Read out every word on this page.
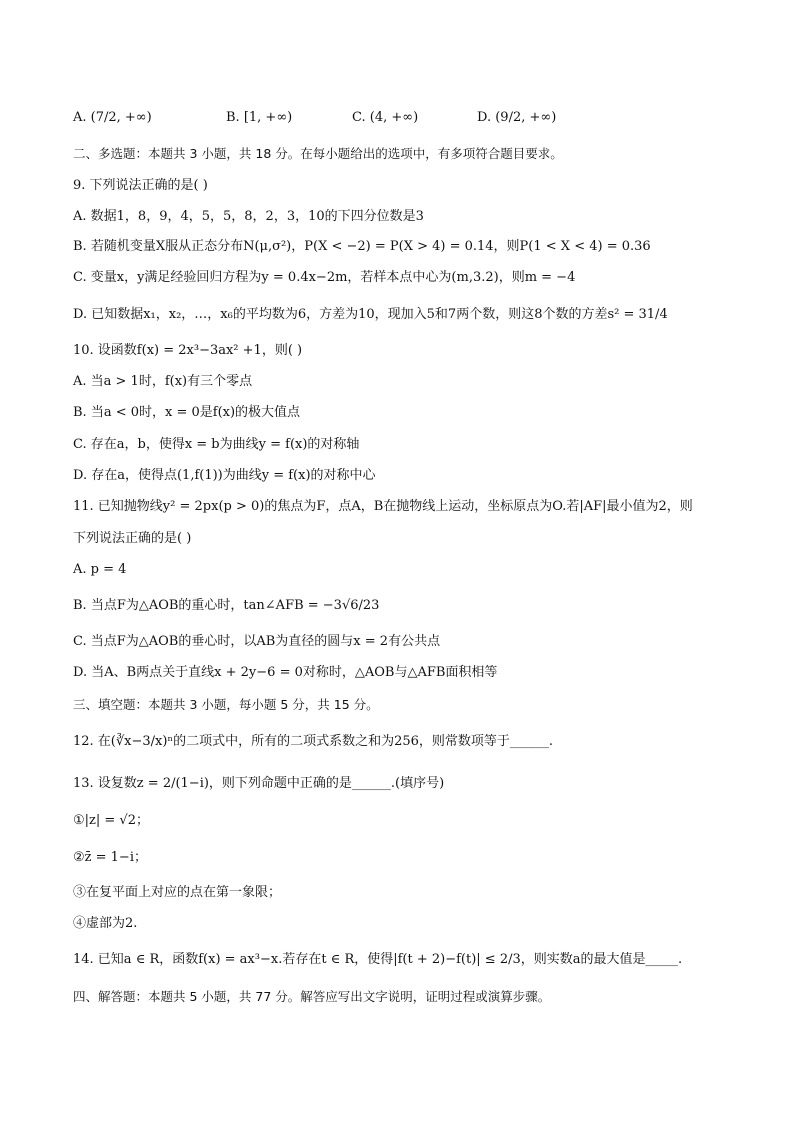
A. (7/2, +∞)	B. [1, +∞)	C. (4, +∞)	D. (9/2, +∞)
二、多选题：本题共 3 小题，共 18 分。在每小题给出的选项中，有多项符合题目要求。
9. 下列说法正确的是( )
A. 数据1，8，9，4，5，5，8，2，3，10的下四分位数是3
B. 若随机变量X服从正态分布N(μ,σ²)，P(X < −2) = P(X > 4) = 0.14，则P(1 < X < 4) = 0.36
C. 变量x，y满足经验回归方程为y = 0.4x−2m，若样本点中心为(m,3.2)，则m = −4
D. 已知数据x₁，x₂，…，x₆的平均数为6，方差为10，现加入5和7两个数，则这8个数的方差s² = 31/4
10. 设函数f(x) = 2x³−3ax² +1，则( )
A. 当a > 1时，f(x)有三个零点
B. 当a < 0时，x = 0是f(x)的极大值点
C. 存在a，b，使得x = b为曲线y = f(x)的对称轴
D. 存在a，使得点(1,f(1))为曲线y = f(x)的对称中心
11. 已知抛物线y² = 2px(p > 0)的焦点为F，点A，B在抛物线上运动，坐标原点为O.若|AF|最小值为2，则
下列说法正确的是( )
A. p = 4
B. 当点F为△AOB的重心时，tan∠AFB = −3√6/23
C. 当点F为△AOB的垂心时，以AB为直径的圆与x = 2有公共点
D. 当A、B两点关于直线x + 2y−6 = 0对称时，△AOB与△AFB面积相等
三、填空题：本题共 3 小题，每小题 5 分，共 15 分。
12. 在(∛x−3/x)ⁿ的二项式中，所有的二项式系数之和为256，则常数项等于______.
13. 设复数z = 2/(1−i)，则下列命题中正确的是______.(填序号)
①|z| = √2；
②z̄ = 1−i；
③在复平面上对应的点在第一象限；
④虚部为2.
14. 已知a ∈ R，函数f(x) = ax³−x.若存在t ∈ R，使得|f(t + 2)−f(t)| ≤ 2/3，则实数a的最大值是_____.
四、解答题：本题共 5 小题，共 77 分。解答应写出文字说明，证明过程或演算步骤。
